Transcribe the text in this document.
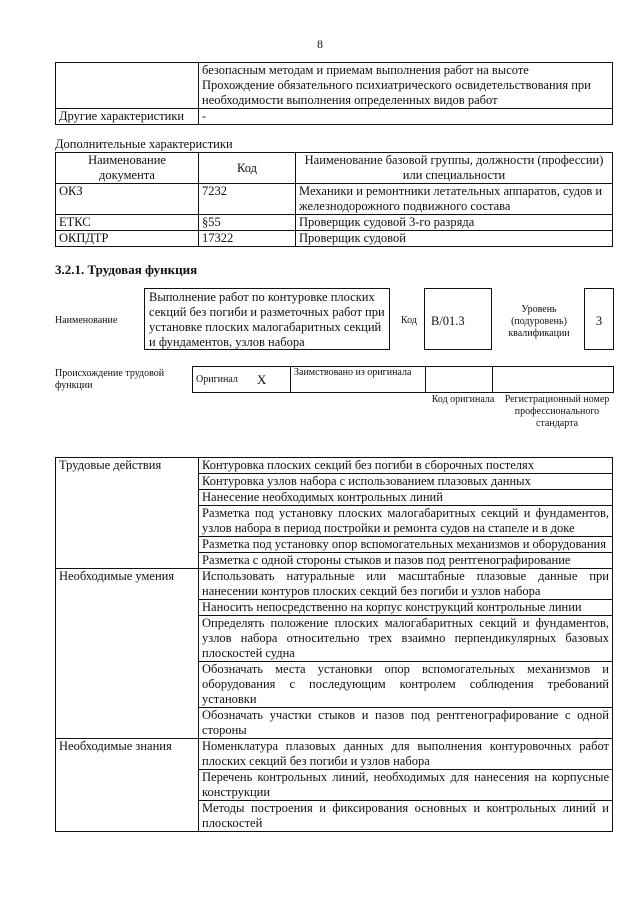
8

	безопасным методам и приемам выполнения работ на высоте
Прохождение обязательного психиатрического освидетельствования при необходимости выполнения определенных видов работ

Другие характеристики	-
Дополнительные характеристики
Наименование документа	Код	Наименование базовой группы, должности (профессии) или специальности
ОКЗ	7232	Механики и ремонтники летательных аппаратов, судов и железнодорожного подвижного состава
ЕТКС	§55	Проверщик судовой 3-го разряда
ОКПДТР	17322	Проверщик судовой
3.2.1. Трудовая функция
Наименование
Выполнение работ по контуровке плоских секций без погиби и разметочных работ при установке плоских малогабаритных секций и фундаментов, узлов набора
Код	B/01.3
Уровень (подуровень) квалификации
3
Происхождение трудовой функции
Оригинал	X	Заимствовано из оригинала		
Код оригинала Регистрационный номер профессионального стандарта
Трудовые действия	Контуровка плоских секций без погиби в сборочных постелях
	Контуровка узлов набора с использованием плазовых данных
	Нанесение необходимых контрольных линий
	Разметка под установку плоских малогабаритных секций и фундаментов, узлов набора в период постройки и ремонта судов на стапеле и в доке
	Разметка под установку опор вспомогательных механизмов и оборудования
	Разметка с одной стороны стыков и пазов под рентгенографирование
Необходимые умения	Использовать натуральные или масштабные плазовые данные при нанесении контуров плоских секций без погиби и узлов набора
	Наносить непосредственно на корпус конструкций контрольные линии
	Определять положение плоских малогабаритных секций и фундаментов, узлов набора относительно трех взаимно перпендикулярных базовых плоскостей судна
	Обозначать места установки опор вспомогательных механизмов и оборудования с последующим контролем соблюдения требований установки
	Обозначать участки стыков и пазов под рентгенографирование с одной стороны
Необходимые знания	Номенклатура плазовых данных для выполнения контуровочных работ плоских секций без погиби и узлов набора
	Перечень контрольных линий, необходимых для нанесения на корпусные конструкции
	Методы построения и фиксирования основных и контрольных линий и плоскостей
